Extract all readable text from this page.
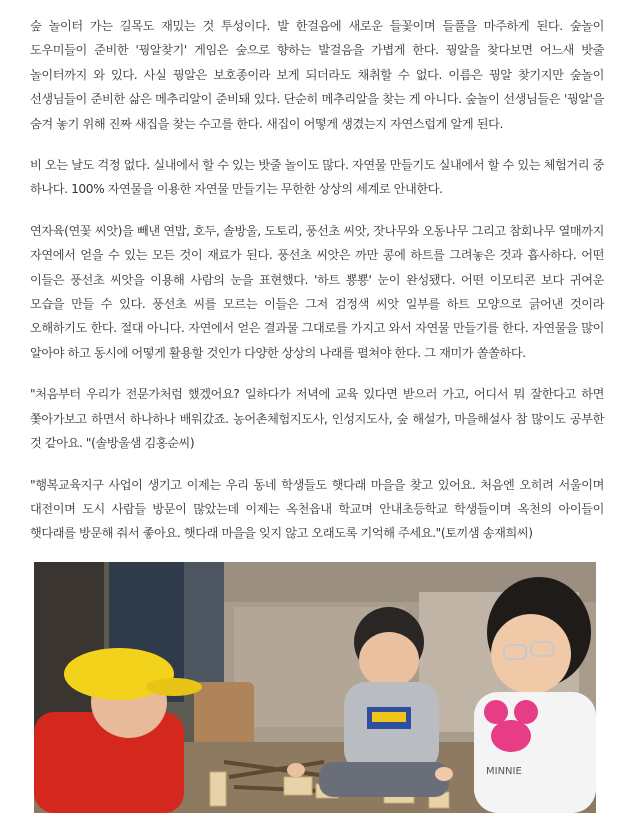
숲 놀이터 가는 길목도 재밌는 것 투성이다. 발 한걸음에 새로운 들꽃이며 들풀을 마주하게 된다. 숲놀이 도우미들이 준비한 '꿩알찾기' 게임은 숲으로 향하는 발걸음을 가볍게 한다. 꿩알을 찾다보면 어느새 밧줄 놀이터까지 와 있다. 사실 꿩알은 보호종이라 보게 되더라도 채취할 수 없다. 이름은 꿩알 찾기지만 숲놀이 선생님들이 준비한 삶은 메추리알이 준비돼 있다. 단순히 메추리알을 찾는 게 아니다. 숲놀이 선생님들은 '꿩알'을 숨겨 놓기 위해 진짜 새집을 찾는 수고를 한다. 새집이 어떻게 생겼는지 자연스럽게 알게 된다.

비 오는 날도 걱정 없다. 실내에서 할 수 있는 밧줄 놀이도 많다. 자연물 만들기도 실내에서 할 수 있는 체험거리 중 하나다. 100% 자연물을 이용한 자연물 만들기는 무한한 상상의 세계로 안내한다.

연자육(연꽃 씨앗)을 빼낸 연밥, 호두, 솔방울, 도토리, 풍선초 씨앗, 잣나무와 오동나무 그리고 참회나무 열매까지 자연에서 얻을 수 있는 모든 것이 재료가 된다. 풍선초 씨앗은 까만 콩에 하트를 그려놓은 것과 흡사하다. 어떤 이들은 풍선초 씨앗을 이용해 사람의 눈을 표현했다. '하트 뿅뿅' 눈이 완성됐다. 어떤 이모티콘 보다 귀여운 모습을 만들 수 있다. 풍선초 씨를 모르는 이들은 그저 검정색 씨앗 일부를 하트 모양으로 긁어낸 것이라 오해하기도 한다. 절대 아니다. 자연에서 얻은 결과물 그대로를 가지고 와서 자연물 만들기를 한다. 자연물을 많이 알아야 하고 동시에 어떻게 활용할 것인가 다양한 상상의 나래를 펼쳐야 한다. 그 재미가 쏠쏠하다.

"처음부터 우리가 전문가처럼 했겠어요? 일하다가 저녁에 교육 있다면 받으러 가고, 어디서 뭐 잘한다고 하면 쫓아가보고 하면서 하나하나 배워갔죠. 농어촌체험지도사, 인성지도사, 숲 해설가, 마을해설사 참 많이도 공부한 것 같아요. "(솔방울샘 김홍순씨)

"행복교육지구 사업이 생기고 이제는 우리 동네 학생들도 햇다래 마을을 찾고 있어요. 처음엔 오히려 서울이며 대전이며 도시 사람들 방문이 많았는데 이제는 옥천읍내 학교며 안내초등학교 학생들이며 옥천의 아이들이 햇다래를 방문해 줘서 좋아요. 햇다래 마을을 잊지 않고 오래도록 기억해 주세요."(토끼샘 송재희씨)

MINNIE
